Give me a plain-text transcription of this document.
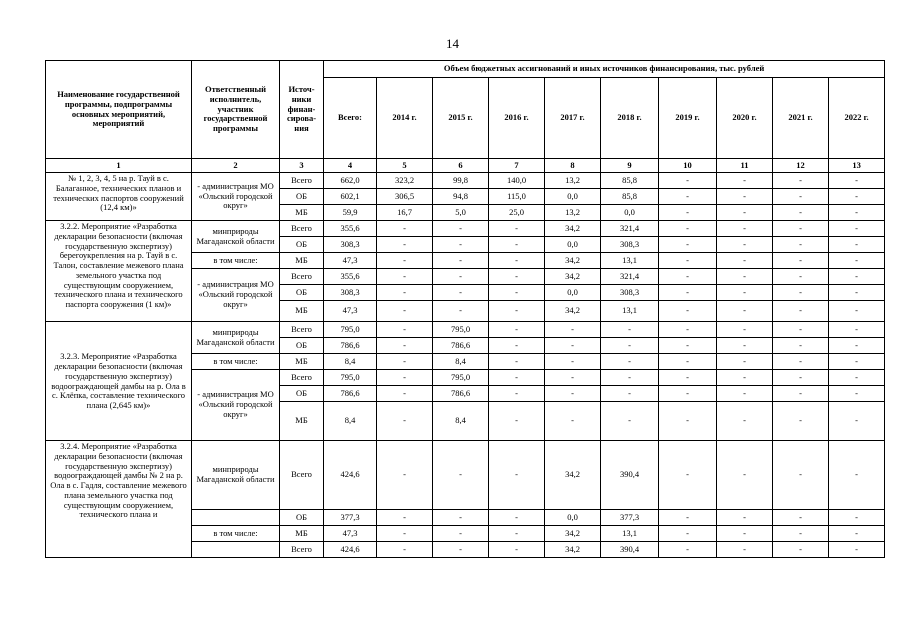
14
Наименование государственной программы, подпрограммы основных мероприятий, мероприятий	Ответственный исполнитель, участник государственной программы	Источ-ники финан-сирова-ния	Объем бюджетных ассигнований и иных источников финансирования, тыс. рублей									
			Всего:	2014 г.	2015 г.	2016 г.	2017 г.	2018 г.	2019 г.	2020 г.	2021 г.	2022 г.
1	2	3	4	5	6	7	8	9	10	11	12	13
№ 1, 2, 3, 4, 5 на р. Тауй в с. Балаганное, технических планов и технических паспортов сооружений (12,4 км)»	- администрация МО «Ольский городской округ»	Всего	662,0	323,2	99,8	140,0	13,2	85,8	-	-	-	-
		ОБ	602,1	306,5	94,8	115,0	0,0	85,8	-	-	-	-
		МБ	59,9	16,7	5,0	25,0	13,2	0,0	-	-	-	-
3.2.2. Мероприятие «Разработка декларации безопасности (включая государственную экспертизу) берегоукрепления на р. Тауй в с. Талон, составление межевого плана земельного участка под существующим сооружением, технического плана и технического паспорта сооружения (1 км)»	минприроды Магаданской области	Всего	355,6	-	-	-	34,2	321,4	-	-	-	-
		ОБ	308,3	-	-	-	0,0	308,3	-	-	-	-
	в том числе:	МБ	47,3	-	-	-	34,2	13,1	-	-	-	-
	- администрация МО «Ольский городской округ»	Всего	355,6	-	-	-	34,2	321,4	-	-	-	-
		ОБ	308,3	-	-	-	0,0	308,3	-	-	-	-
		МБ	47,3	-	-	-	34,2	13,1	-	-	-	-
3.2.3. Мероприятие «Разработка декларации безопасности (включая государственную экспертизу) водоограждающей дамбы на р. Ола в с. Клёпка, составление технического плана (2,645 км)»	минприроды Магаданской области	Всего	795,0	-	795,0	-	-	-	-	-	-	-
		ОБ	786,6	-	786,6	-	-	-	-	-	-	-
	в том числе:	МБ	8,4	-	8,4	-	-	-	-	-	-	-
	- администрация МО «Ольский городской округ»	Всего	795,0	-	795,0	-	-	-	-	-	-	-
		ОБ	786,6	-	786,6	-	-	-	-	-	-	-
		МБ	8,4	-	8,4	-	-	-	-	-	-	-
3.2.4. Мероприятие «Разработка декларации безопасности (включая государственную экспертизу) водоограждающей дамбы № 2 на р. Ола в с. Гадля, составление межевого плана земельного участка под существующим сооружением, технического плана и	минприроды Магаданской области	Всего	424,6	-	-	-	34,2	390,4	-	-	-	-
		ОБ	377,3	-	-	-	0,0	377,3	-	-	-	-
	в том числе:	МБ	47,3	-	-	-	34,2	13,1	-	-	-	-
		Всего	424,6	-	-	-	34,2	390,4	-	-	-	-
